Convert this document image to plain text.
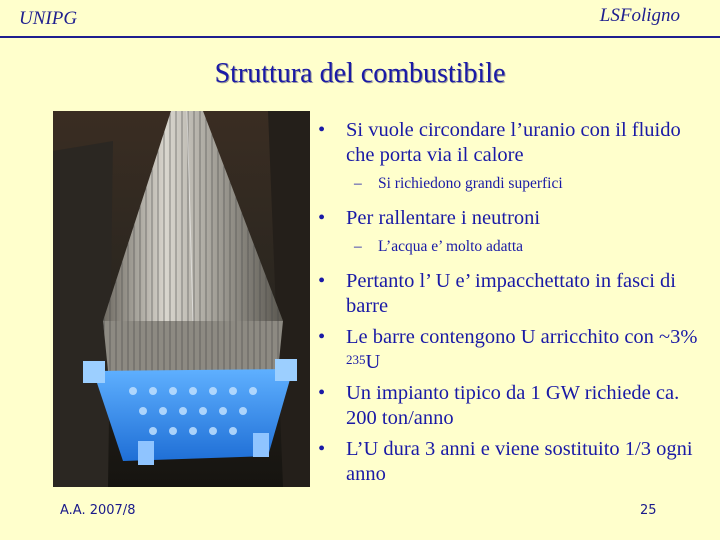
UNIPG	LSFoligno
Struttura del combustibile
• Si vuole circondare l’uranio con il fluido che porta via il calore
– Si richiedono grandi superfici
• Per rallentare i neutroni
– L’acqua e’ molto adatta
• Pertanto l’ U e’ impacchettato in fasci di barre
• Le barre contengono U arricchito con ~3% $^{235}$U
• Un impianto tipico da 1 GW richiede ca. 200 ton/anno
• L’U dura 3 anni e viene sostituito 1/3 ogni anno
A.A. 2007/8	25
